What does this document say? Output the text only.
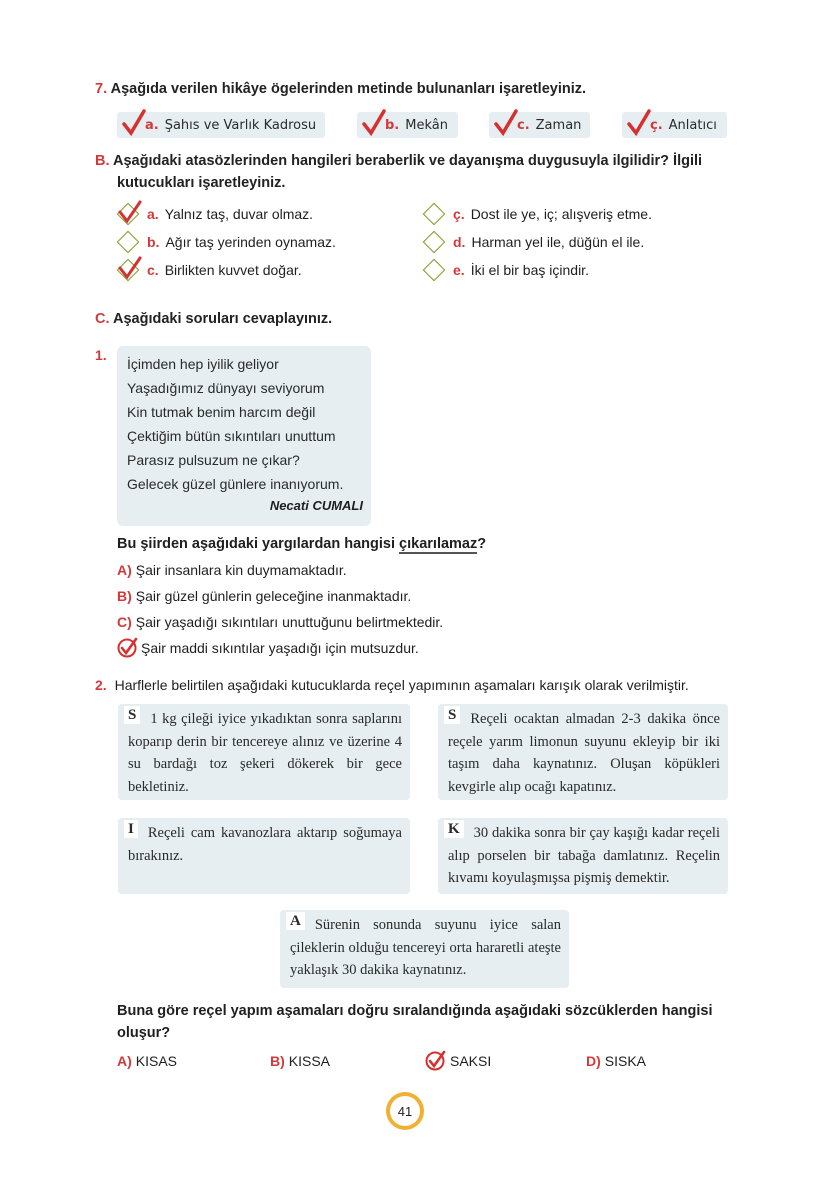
7. Aşağıda verilen hikâye ögelerinden metinde bulunanları işaretleyiniz.
a. Şahıs ve Varlık Kadrosu	b. Mekân	c. Zaman	ç. Anlatıcı
B. Aşağıdaki atasözlerinden hangileri beraberlik ve dayanışma duygusuyla ilgilidir? İlgili
kutucukları işaretleyiniz.
a. Yalnız taş, duvar olmaz.
b. Ağır taş yerinden oynamaz.
c. Birlikten kuvvet doğar.
ç. Dost ile ye, iç; alışveriş etme.
d. Harman yel ile, düğün el ile.
e. İki el bir baş içindir.
C. Aşağıdaki soruları cevaplayınız.
1.
İçimden hep iyilik geliyor
Yaşadığımız dünyayı seviyorum
Kin tutmak benim harcım değil
Çektiğim bütün sıkıntıları unuttum
Parasız pulsuzum ne çıkar?
Gelecek güzel günlere inanıyorum.
Necati CUMALI
Bu şiirden aşağıdaki yargılardan hangisi çıkarılamaz?
A) Şair insanlara kin duymamaktadır.
B) Şair güzel günlerin geleceğine inanmaktadır.
C) Şair yaşadığı sıkıntıları unuttuğunu belirtmektedir.
Şair maddi sıkıntılar yaşadığı için mutsuzdur.
2. Harflerle belirtilen aşağıdaki kutucuklarda reçel yapımının aşamaları karışık olarak verilmiştir.
S 1 kg çileği iyice yıkadıktan sonra saplarını koparıp derin bir tencereye alınız ve üzerine 4 su bardağı toz şekeri dökerek bir gece bekletiniz.
S Reçeli ocaktan almadan 2-3 dakika önce reçele yarım limonun suyunu ekleyip bir iki taşım daha kaynatınız. Oluşan köpükleri kevgirle alıp ocağı kapatınız.
I Reçeli cam kavanozlara aktarıp soğumaya bırakınız.
K 30 dakika sonra bir çay kaşığı kadar reçeli alıp porselen bir tabağa damlatınız. Reçelin kıvamı koyulaşmışsa pişmiş demektir.
A Sürenin sonunda suyunu iyice salan çileklerin olduğu tencereyi orta hararetli ateşte yaklaşık 30 dakika kaynatınız.
Buna göre reçel yapım aşamaları doğru sıralandığında aşağıdaki sözcüklerden hangisi
oluşur?
A) KISAS	B) KISSA	SAKSI	D) SISKA
41
